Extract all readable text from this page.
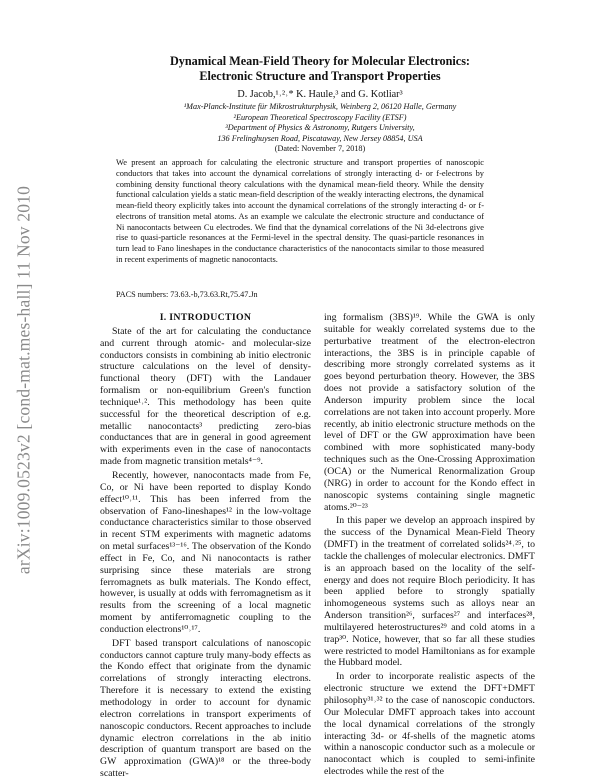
arXiv:1009.0523v2 [cond-mat.mes-hall] 11 Nov 2010
Dynamical Mean-Field Theory for Molecular Electronics:
Electronic Structure and Transport Properties
D. Jacob,¹˒²˒* K. Haule,³ and G. Kotliar³
¹Max-Planck-Institute für Mikrostrukturphysik, Weinberg 2, 06120 Halle, Germany
²European Theoretical Spectroscopy Facility (ETSF)
³Department of Physics & Astronomy, Rutgers University,
136 Frelinghuysen Road, Piscataway, New Jersey 08854, USA
(Dated: November 7, 2018)
We present an approach for calculating the electronic structure and transport properties of nanoscopic conductors that takes into account the dynamical correlations of strongly interacting d- or f-electrons by combining density functional theory calculations with the dynamical mean-field theory. While the density functional calculation yields a static mean-field description of the weakly interacting electrons, the dynamical mean-field theory explicitly takes into account the dynamical correlations of the strongly interacting d- or f-electrons of transition metal atoms. As an example we calculate the electronic structure and conductance of Ni nanocontacts between Cu electrodes. We find that the dynamical correlations of the Ni 3d-electrons give rise to quasi-particle resonances at the Fermi-level in the spectral density. The quasi-particle resonances in turn lead to Fano lineshapes in the conductance characteristics of the nanocontacts similar to those measured in recent experiments of magnetic nanocontacts.
PACS numbers: 73.63.-b,73.63.Rt,75.47.Jn

I. INTRODUCTION

State of the art for calculating the conductance and current through atomic- and molecular-size conductors consists in combining ab initio electronic structure calculations on the level of density-functional theory (DFT) with the Landauer formalism or non-equilibrium Green's function technique¹˒². This methodology has been quite successful for the theoretical description of e.g. metallic nanocontacts³ predicting zero-bias conductances that are in general in good agreement with experiments even in the case of nanocontacts made from magnetic transition metals⁴⁻⁹.

Recently, however, nanocontacts made from Fe, Co, or Ni have been reported to display Kondo effect¹⁰˒¹¹. This has been inferred from the observation of Fano-lineshapes¹² in the low-voltage conductance characteristics similar to those observed in recent STM experiments with magnetic adatoms on metal surfaces¹³⁻¹⁶. The observation of the Kondo effect in Fe, Co, and Ni nanocontacts is rather surprising since these materials are strong ferromagnets as bulk materials. The Kondo effect, however, is usually at odds with ferromagnetism as it results from the screening of a local magnetic moment by antiferromagnetic coupling to the conduction electrons¹⁰˒¹⁷.

DFT based transport calculations of nanoscopic conductors cannot capture truly many-body effects as the Kondo effect that originate from the dynamic correlations of strongly interacting electrons. Therefore it is necessary to extend the existing methodology in order to account for dynamic electron correlations in transport experiments of nanoscopic conductors. Recent approaches to include dynamic electron correlations in the ab initio description of quantum transport are based on the GW approximation (GWA)¹⁸ or the three-body scatter-

ing formalism (3BS)¹⁹. While the GWA is only suitable for weakly correlated systems due to the perturbative treatment of the electron-electron interactions, the 3BS is in principle capable of describing more strongly correlated systems as it goes beyond perturbation theory. However, the 3BS does not provide a satisfactory solution of the Anderson impurity problem since the local correlations are not taken into account properly. More recently, ab initio electronic structure methods on the level of DFT or the GW approximation have been combined with more sophisticated many-body techniques such as the One-Crossing Approximation (OCA) or the Numerical Renormalization Group (NRG) in order to account for the Kondo effect in nanoscopic systems containing single magnetic atoms.²⁰⁻²³

In this paper we develop an approach inspired by the success of the Dynamical Mean-Field Theory (DMFT) in the treatment of correlated solids²⁴˒²⁵, to tackle the challenges of molecular electronics. DMFT is an approach based on the locality of the self-energy and does not require Bloch periodicity. It has been applied before to strongly spatially inhomogeneous systems such as alloys near an Anderson transition²⁶, surfaces²⁷ and interfaces²⁸, multilayered heterostructures²⁹ and cold atoms in a trap³⁰. Notice, however, that so far all these studies were restricted to model Hamiltonians as for example the Hubbard model.

In order to incorporate realistic aspects of the electronic structure we extend the DFT+DMFT philosophy³¹˒³² to the case of nanoscopic conductors. Our Molecular DMFT approach takes into account the local dynamical correlations of the strongly interacting 3d- or 4f-shells of the magnetic atoms within a nanoscopic conductor such as a molecule or nanocontact which is coupled to semi-infinite electrodes while the rest of the
